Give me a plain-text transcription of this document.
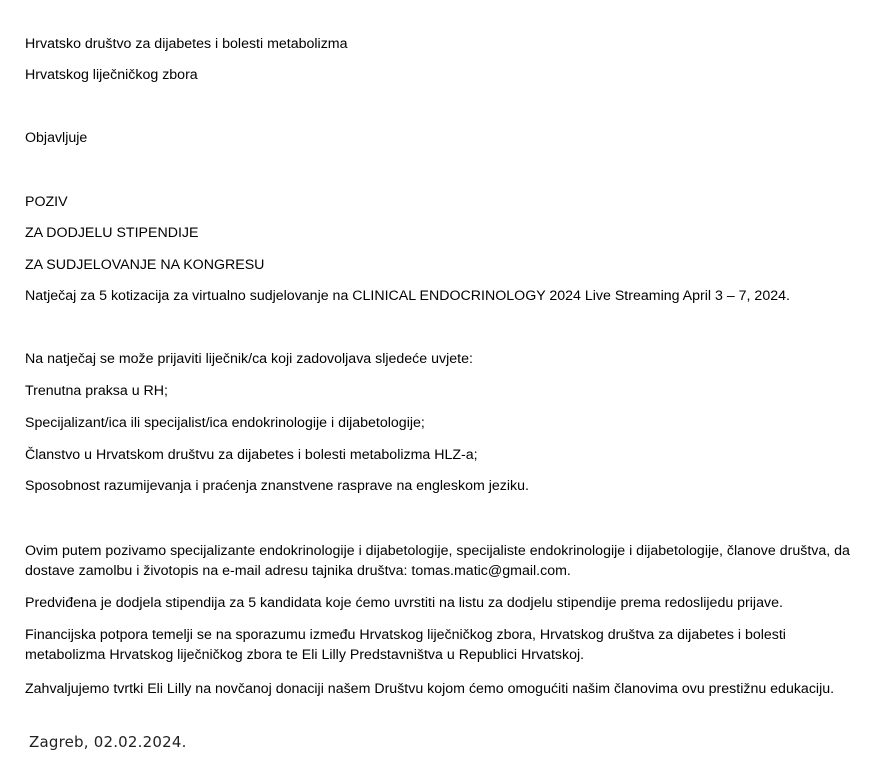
Hrvatsko društvo za dijabetes i bolesti metabolizma
Hrvatskog liječničkog zbora
Objavljuje
POZIV
ZA DODJELU STIPENDIJE
ZA SUDJELOVANJE NA KONGRESU
Natječaj za 5 kotizacija za virtualno sudjelovanje na CLINICAL ENDOCRINOLOGY 2024 Live Streaming April 3 – 7, 2024.
Na natječaj se može prijaviti liječnik/ca koji zadovoljava sljedeće uvjete:
Trenutna praksa u RH;
Specijalizant/ica ili specijalist/ica endokrinologije i dijabetologije;
Članstvo u Hrvatskom društvu za dijabetes i bolesti metabolizma HLZ-a;
Sposobnost razumijevanja i praćenja znanstvene rasprave na engleskom jeziku.
Ovim putem pozivamo specijalizante endokrinologije i dijabetologije, specijaliste endokrinologije i dijabetologije, članove društva, da dostave zamolbu i životopis na e-mail adresu tajnika društva: tomas.matic@gmail.com.
Predviđena je dodjela stipendija za 5 kandidata koje ćemo uvrstiti na listu za dodjelu stipendije prema redoslijedu prijave.
Financijska potpora temelji se na sporazumu između Hrvatskog liječničkog zbora, Hrvatskog društva za dijabetes i bolesti metabolizma Hrvatskog liječničkog zbora te Eli Lilly Predstavništva u Republici Hrvatskoj.
Zahvaljujemo tvrtki Eli Lilly na novčanoj donaciji našem Društvu kojom ćemo omogućiti našim članovima ovu prestižnu edukaciju.
Zagreb, 02.02.2024.
